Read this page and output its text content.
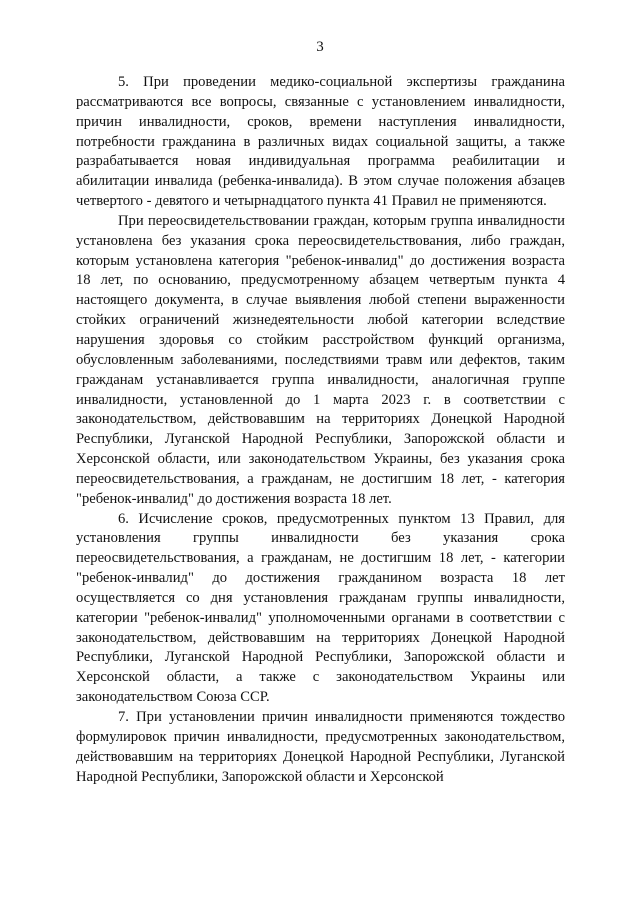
3

5. При проведении медико-социальной экспертизы гражданина рассматриваются все вопросы, связанные с установлением инвалидности, причин инвалидности, сроков, времени наступления инвалидности, потребности гражданина в различных видах социальной защиты, а также разрабатывается новая индивидуальная программа реабилитации и абилитации инвалида (ребенка-инвалида). В этом случае положения абзацев четвертого - девятого и четырнадцатого пункта 41 Правил не применяются.

При переосвидетельствовании граждан, которым группа инвалидности установлена без указания срока переосвидетельствования, либо граждан, которым установлена категория "ребенок-инвалид" до достижения возраста 18 лет, по основанию, предусмотренному абзацем четвертым пункта 4 настоящего документа, в случае выявления любой степени выраженности стойких ограничений жизнедеятельности любой категории вследствие нарушения здоровья со стойким расстройством функций организма, обусловленным заболеваниями, последствиями травм или дефектов, таким гражданам устанавливается группа инвалидности, аналогичная группе инвалидности, установленной до 1 марта 2023 г. в соответствии с законодательством, действовавшим на территориях Донецкой Народной Республики, Луганской Народной Республики, Запорожской области и Херсонской области, или законодательством Украины, без указания срока переосвидетельствования, а гражданам, не достигшим 18 лет, - категория "ребенок-инвалид" до достижения возраста 18 лет.

6. Исчисление сроков, предусмотренных пунктом 13 Правил, для установления группы инвалидности без указания срока переосвидетельствования, а гражданам, не достигшим 18 лет, - категории "ребенок-инвалид" до достижения гражданином возраста 18 лет осуществляется со дня установления гражданам группы инвалидности, категории "ребенок-инвалид" уполномоченными органами в соответствии с законодательством, действовавшим на территориях Донецкой Народной Республики, Луганской Народной Республики, Запорожской области и Херсонской области, а также с законодательством Украины или законодательством Союза ССР.

7. При установлении причин инвалидности применяются тождество формулировок причин инвалидности, предусмотренных законодательством, действовавшим на территориях Донецкой Народной Республики, Луганской Народной Республики, Запорожской области и Херсонской
